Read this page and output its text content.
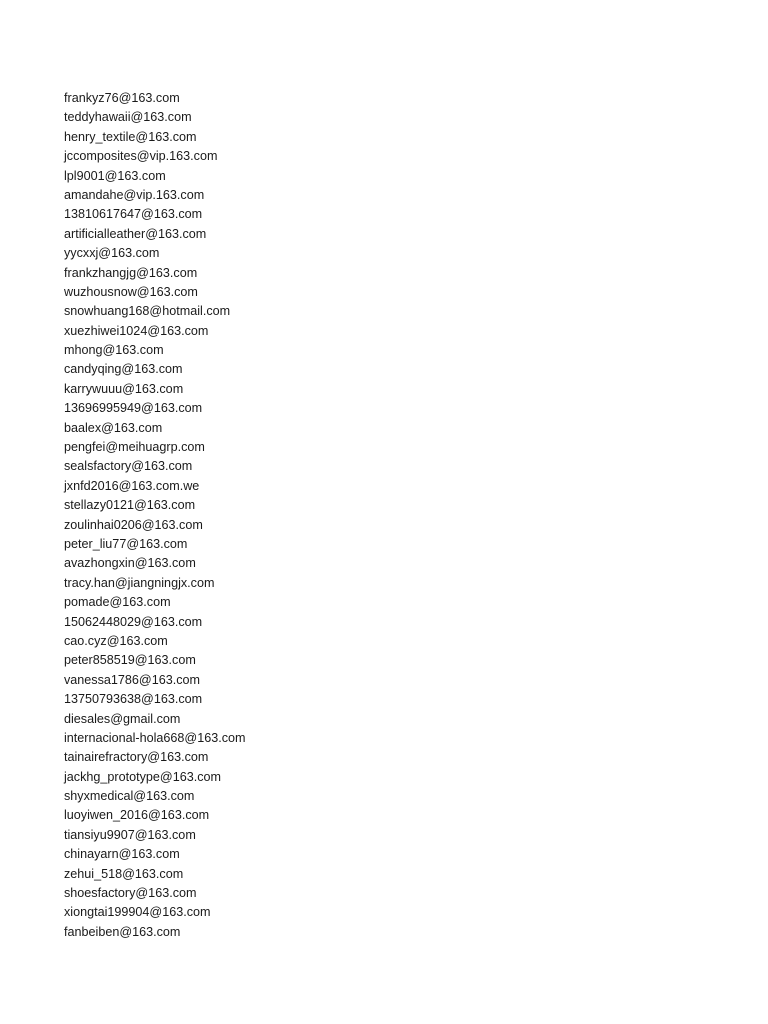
frankyz76@163.com
teddyhawaii@163.com
henry_textile@163.com
jccomposites@vip.163.com
lpl9001@163.com
amandahe@vip.163.com
13810617647@163.com
artificialleather@163.com
yycxxj@163.com
frankzhangjg@163.com
wuzhousnow@163.com
snowhuang168@hotmail.com
xuezhiwei1024@163.com
mhong@163.com
candyqing@163.com
karrywuuu@163.com
13696995949@163.com
baalex@163.com
pengfei@meihuagrp.com
sealsfactory@163.com
jxnfd2016@163.com.we
stellazy0121@163.com
zoulinhai0206@163.com
peter_liu77@163.com
avazhongxin@163.com
tracy.han@jiangningjx.com
pomade@163.com
15062448029@163.com
cao.cyz@163.com
peter858519@163.com
vanessa1786@163.com
13750793638@163.com
diesales@gmail.com
internacional-hola668@163.com
tainairefractory@163.com
jackhg_prototype@163.com
shyxmedical@163.com
luoyiwen_2016@163.com
tiansiyu9907@163.com
chinayarn@163.com
zehui_518@163.com
shoesfactory@163.com
xiongtai199904@163.com
fanbeiben@163.com
